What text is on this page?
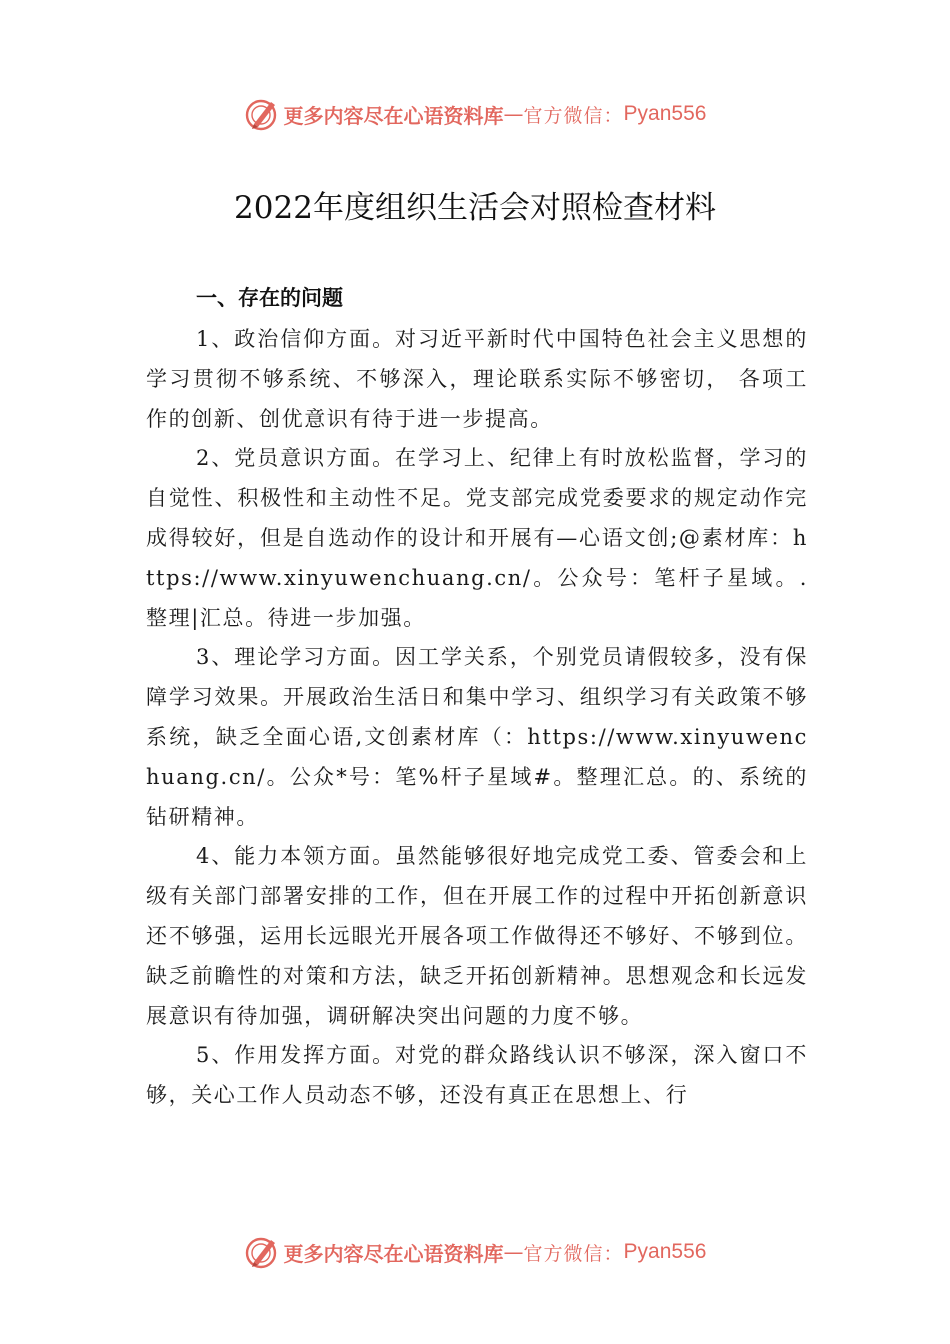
更多内容尽在心语资料库 — 官方微信： Pyan556
2022年度组织生活会对照检查材料
一、存在的问题

1、政治信仰方面。对习近平新时代中国特色社会主义思想的学习贯彻不够系统、不够深入，理论联系实际不够密切， 各项工作的创新、创优意识有待于进一步提高。

2、党员意识方面。在学习上、纪律上有时放松监督，学习的自觉性、积极性和主动性不足。党支部完成党委要求的规定动作完成得较好，但是自选动作的设计和开展有—心语文创;@素材库：https://www.xinyuwenchuang.cn/。公众号：笔杆子星域。.整理|汇总。待进一步加强。

3、理论学习方面。因工学关系，个别党员请假较多，没有保障学习效果。开展政治生活日和集中学习、组织学习有关政策不够系统，缺乏全面心语,文创素材库（：https://www.xinyuwenchuang.cn/。公众*号：笔%杆子星域#。整理汇总。的、系统的钻研精神。

4、能力本领方面。虽然能够很好地完成党工委、管委会和上级有关部门部署安排的工作，但在开展工作的过程中开拓创新意识还不够强，运用长远眼光开展各项工作做得还不够好、不够到位。缺乏前瞻性的对策和方法，缺乏开拓创新精神。思想观念和长远发展意识有待加强，调研解决突出问题的力度不够。

5、作用发挥方面。对党的群众路线认识不够深，深入窗口不够，关心工作人员动态不够，还没有真正在思想上、行

更多内容尽在心语资料库 — 官方微信： Pyan556
